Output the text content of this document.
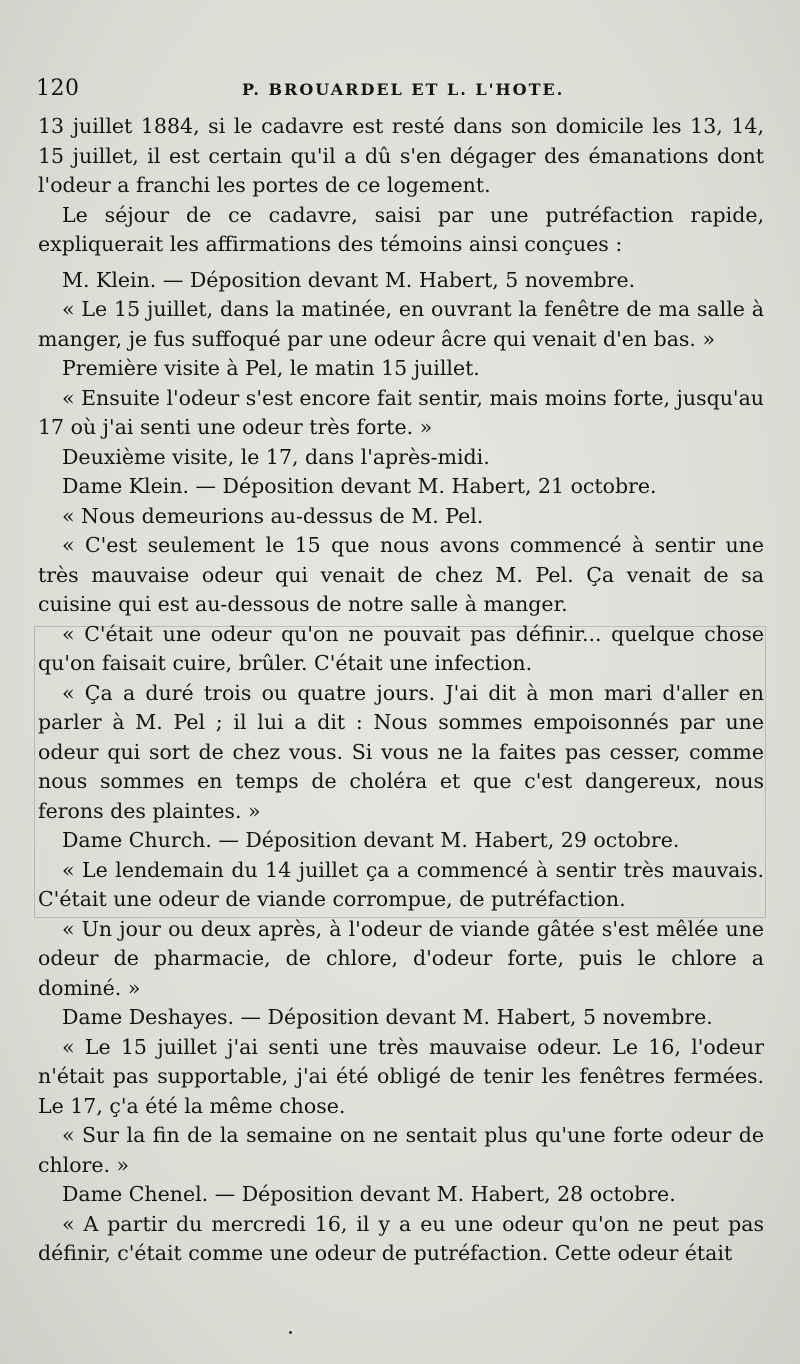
120	P. BROUARDEL ET L. L'HOTE.

13 juillet 1884, si le cadavre est resté dans son domicile les 13, 14, 15 juillet, il est certain qu'il a dû s'en dégager des émanations dont l'odeur a franchi les portes de ce logement.

Le séjour de ce cadavre, saisi par une putréfaction rapide, expliquerait les affirmations des témoins ainsi conçues :

M. Klein. — Déposition devant M. Habert, 5 novembre.

« Le 15 juillet, dans la matinée, en ouvrant la fenêtre de ma salle à manger, je fus suffoqué par une odeur âcre qui venait d'en bas. »

Première visite à Pel, le matin 15 juillet.

« Ensuite l'odeur s'est encore fait sentir, mais moins forte, jusqu'au 17 où j'ai senti une odeur très forte. »

Deuxième visite, le 17, dans l'après-midi.

Dame Klein. — Déposition devant M. Habert, 21 octobre.

« Nous demeurions au-dessus de M. Pel.

« C'est seulement le 15 que nous avons commencé à sentir une très mauvaise odeur qui venait de chez M. Pel. Ça venait de sa cuisine qui est au-dessous de notre salle à manger.

« C'était une odeur qu'on ne pouvait pas définir... quelque chose qu'on faisait cuire, brûler. C'était une infection.

« Ça a duré trois ou quatre jours. J'ai dit à mon mari d'aller en parler à M. Pel ; il lui a dit : Nous sommes empoisonnés par une odeur qui sort de chez vous. Si vous ne la faites pas cesser, comme nous sommes en temps de choléra et que c'est dangereux, nous ferons des plaintes. »

Dame Church. — Déposition devant M. Habert, 29 octobre.

« Le lendemain du 14 juillet ça a commencé à sentir très mauvais. C'était une odeur de viande corrompue, de putréfaction.

« Un jour ou deux après, à l'odeur de viande gâtée s'est mêlée une odeur de pharmacie, de chlore, d'odeur forte, puis le chlore a dominé. »

Dame Deshayes. — Déposition devant M. Habert, 5 novembre.

« Le 15 juillet j'ai senti une très mauvaise odeur. Le 16, l'odeur n'était pas supportable, j'ai été obligé de tenir les fenêtres fermées. Le 17, ç'a été la même chose.

« Sur la fin de la semaine on ne sentait plus qu'une forte odeur de chlore. »

Dame Chenel. — Déposition devant M. Habert, 28 octobre.

« A partir du mercredi 16, il y a eu une odeur qu'on ne peut pas définir, c'était comme une odeur de putréfaction. Cette odeur était
